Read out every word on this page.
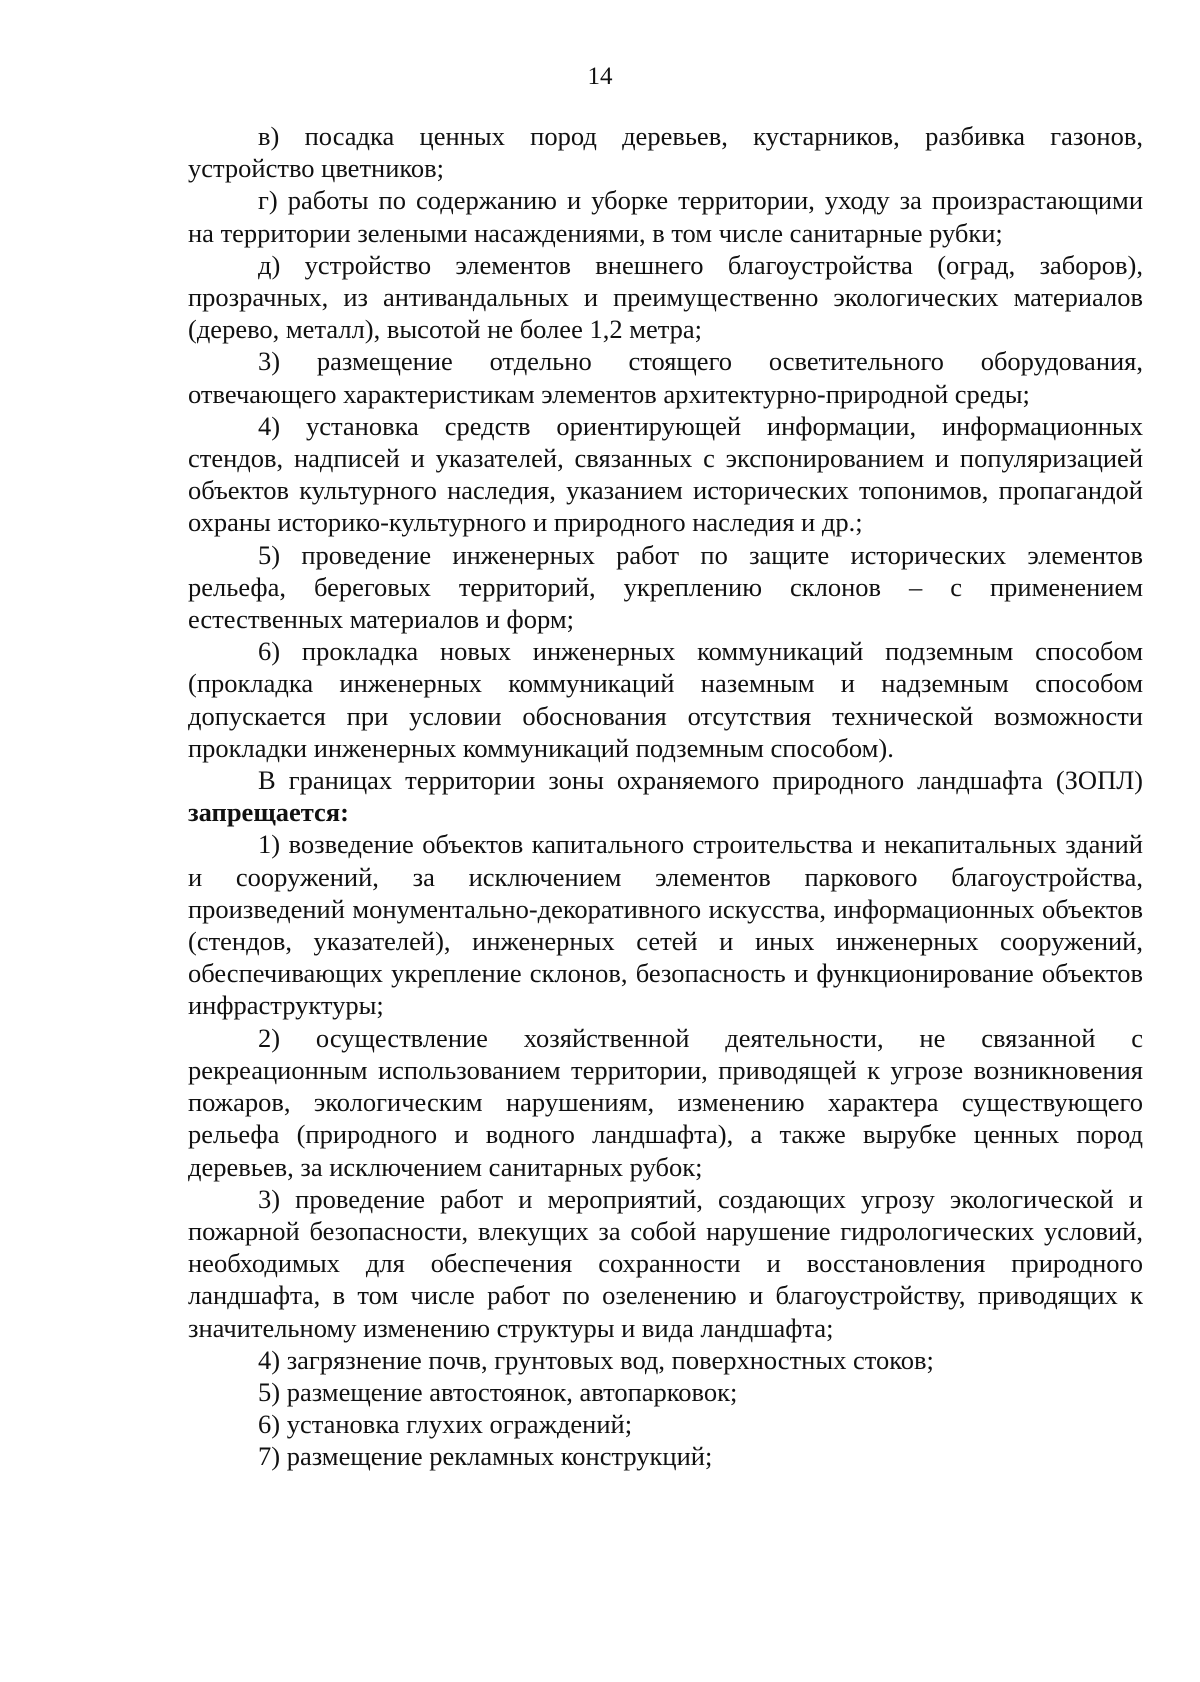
14

в) посадка ценных пород деревьев, кустарников, разбивка газонов, устройство цветников;

г) работы по содержанию и уборке территории, уходу за произрастающими на территории зелеными насаждениями, в том числе санитарные рубки;

д) устройство элементов внешнего благоустройства (оград, заборов), прозрачных, из антивандальных и преимущественно экологических материалов (дерево, металл), высотой не более 1,2 метра;

3) размещение отдельно стоящего осветительного оборудования, отвечающего характеристикам элементов архитектурно-природной среды;

4) установка средств ориентирующей информации, информационных стендов, надписей и указателей, связанных с экспонированием и популяризацией объектов культурного наследия, указанием исторических топонимов, пропагандой охраны историко-культурного и природного наследия и др.;

5) проведение инженерных работ по защите исторических элементов рельефа, береговых территорий, укреплению склонов – с применением естественных материалов и форм;

6) прокладка новых инженерных коммуникаций подземным способом (прокладка инженерных коммуникаций наземным и надземным способом допускается при условии обоснования отсутствия технической возможности прокладки инженерных коммуникаций подземным способом).

В границах территории зоны охраняемого природного ландшафта (ЗОПЛ) запрещается:

1) возведение объектов капитального строительства и некапитальных зданий и сооружений, за исключением элементов паркового благоустройства, произведений монументально-декоративного искусства, информационных объектов (стендов, указателей), инженерных сетей и иных инженерных сооружений, обеспечивающих укрепление склонов, безопасность и функционирование объектов инфраструктуры;

2) осуществление хозяйственной деятельности, не связанной с рекреационным использованием территории, приводящей к угрозе возникновения пожаров, экологическим нарушениям, изменению характера существующего рельефа (природного и водного ландшафта), а также вырубке ценных пород деревьев, за исключением санитарных рубок;

3) проведение работ и мероприятий, создающих угрозу экологической и пожарной безопасности, влекущих за собой нарушение гидрологических условий, необходимых для обеспечения сохранности и восстановления природного ландшафта, в том числе работ по озеленению и благоустройству, приводящих к значительному изменению структуры и вида ландшафта;

4) загрязнение почв, грунтовых вод, поверхностных стоков;

5) размещение автостоянок, автопарковок;

6) установка глухих ограждений;

7) размещение рекламных конструкций;
